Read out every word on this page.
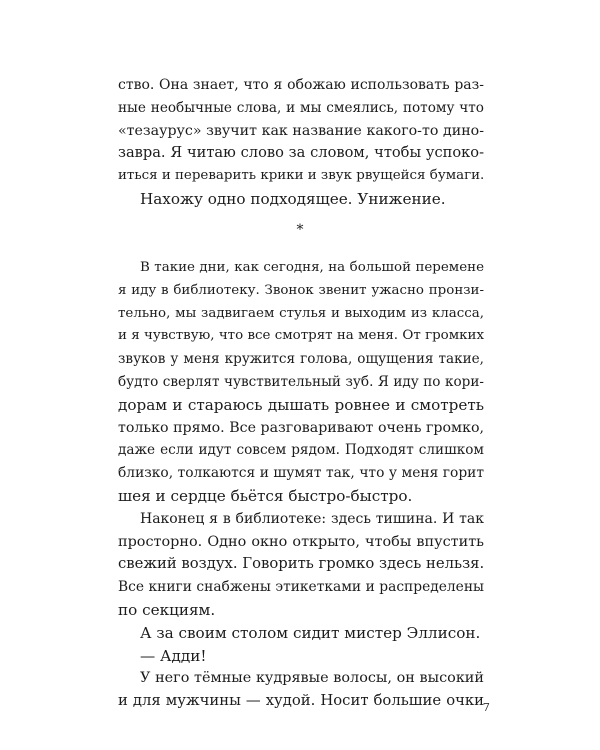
ство. Она знает, что я обожаю использовать раз-
ные необычные слова, и мы смеялись, потому что
«тезаурус» звучит как название какого-то дино-
завра. Я читаю слово за словом, чтобы успоко-
иться и переварить крики и звук рвущейся бумаги.
Нахожу одно подходящее. Унижение.
*
В такие дни, как сегодня, на большой перемене
я иду в библиотеку. Звонок звенит ужасно пронзи-
тельно, мы задвигаем стулья и выходим из класса,
и я чувствую, что все смотрят на меня. От громких
звуков у меня кружится голова, ощущения такие,
будто сверлят чувствительный зуб. Я иду по кори-
дорам и стараюсь дышать ровнее и смотреть
только прямо. Все разговаривают очень громко,
даже если идут совсем рядом. Подходят слишком
близко, толкаются и шумят так, что у меня горит
шея и сердце бьётся быстро-быстро.
Наконец я в библиотеке: здесь тишина. И так
просторно. Одно окно открыто, чтобы впустить
свежий воздух. Говорить громко здесь нельзя.
Все книги снабжены этикетками и распределены
по секциям.
А за своим столом сидит мистер Эллисон.
— Адди!
У него тёмные кудрявые волосы, он высокий
и для мужчины — худой. Носит большие очки
7
